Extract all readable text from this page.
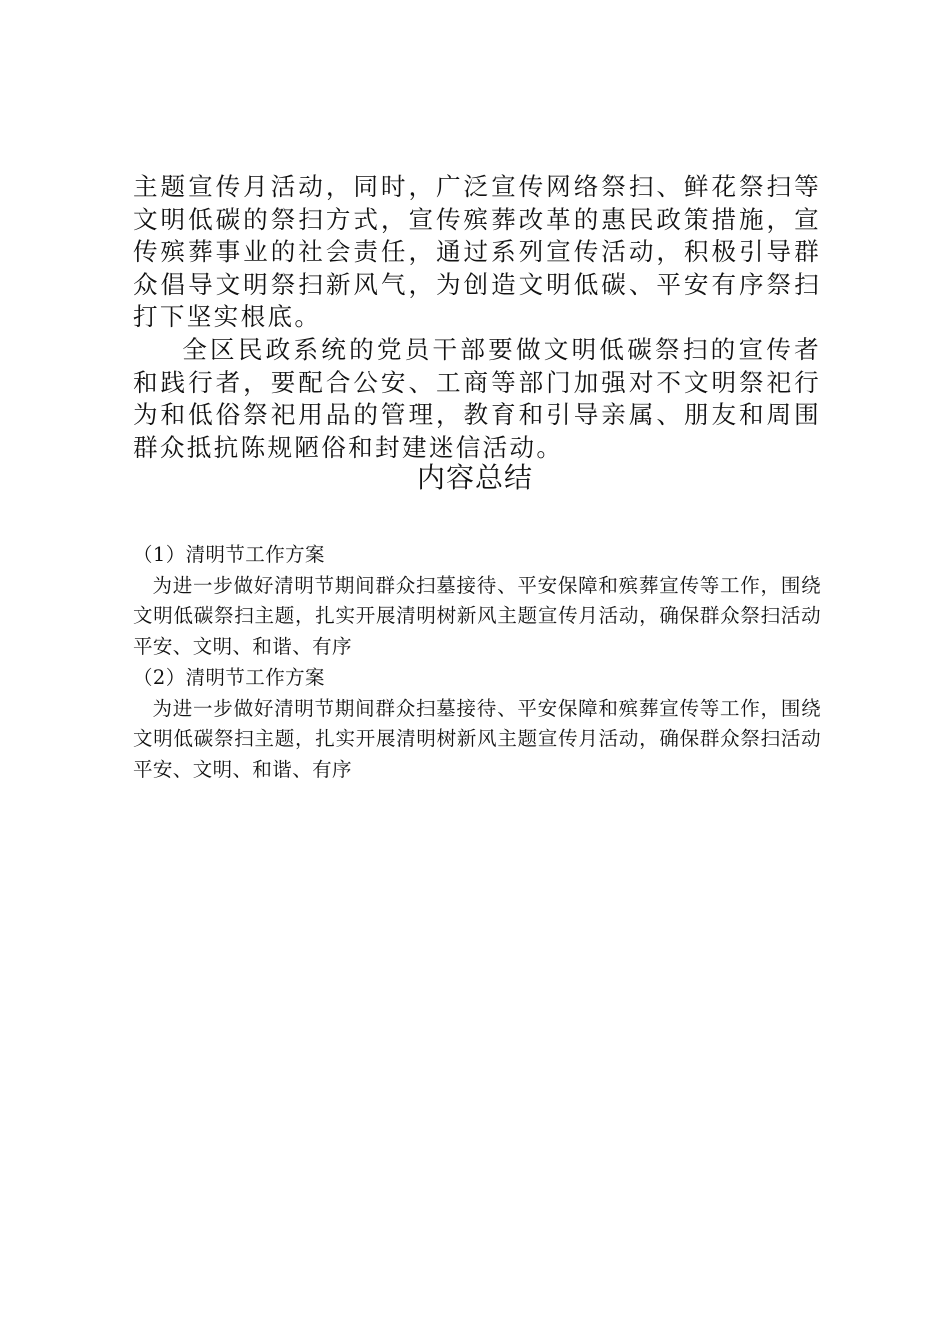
主题宣传月活动，同时，广泛宣传网络祭扫、鲜花祭扫等文明低碳的祭扫方式，宣传殡葬改革的惠民政策措施，宣传殡葬事业的社会责任，通过系列宣传活动，积极引导群众倡导文明祭扫新风气，为创造文明低碳、平安有序祭扫打下坚实根底。

全区民政系统的党员干部要做文明低碳祭扫的宣传者和践行者，要配合公安、工商等部门加强对不文明祭祀行为和低俗祭祀用品的管理，教育和引导亲属、朋友和周围群众抵抗陈规陋俗和封建迷信活动。

内容总结

（1）清明节工作方案

为进一步做好清明节期间群众扫墓接待、平安保障和殡葬宣传等工作，围绕文明低碳祭扫主题，扎实开展清明树新风主题宣传月活动，确保群众祭扫活动平安、文明、和谐、有序

（2）清明节工作方案

为进一步做好清明节期间群众扫墓接待、平安保障和殡葬宣传等工作，围绕文明低碳祭扫主题，扎实开展清明树新风主题宣传月活动，确保群众祭扫活动平安、文明、和谐、有序
